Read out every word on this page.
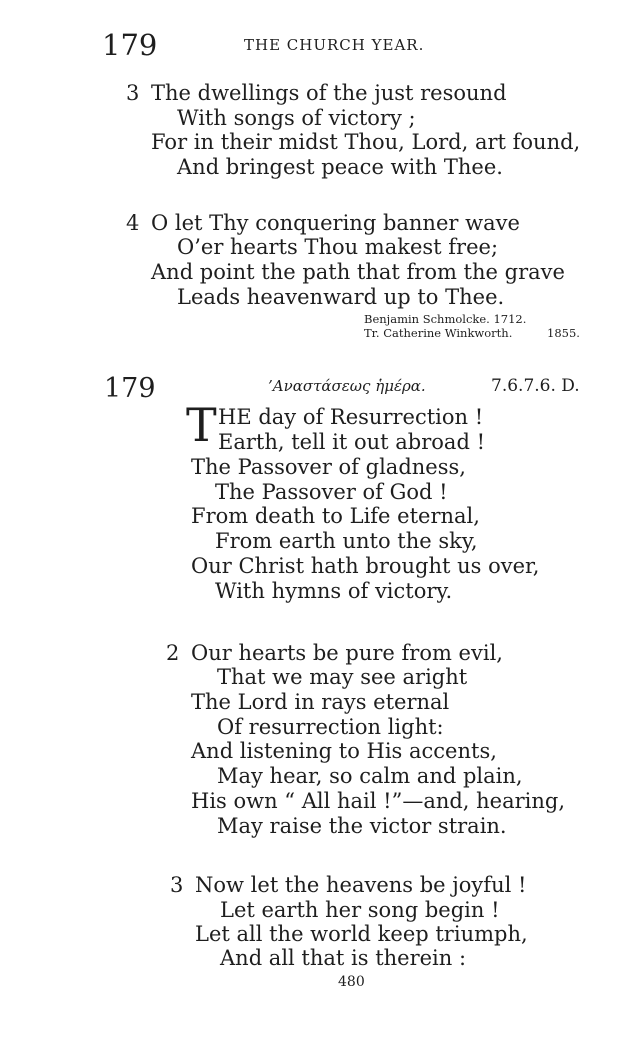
179	THE CHURCH YEAR.
3 The dwellings of the just resound
With songs of victory ;
For in their midst Thou, Lord, art found,
And bringest peace with Thee.
4 O let Thy conquering banner wave
O’er hearts Thou makest free;
And point the path that from the grave
Leads heavenward up to Thee.
Benjamin Schmolcke. 1712.
Tr. Catherine Winkworth.	1855.
179	’Αναστάσεως ἡμέρα.	7.6.7.6. D.
T HE day of Resurrection !
Earth, tell it out abroad !
The Passover of gladness,
The Passover of God !
From death to Life eternal,
From earth unto the sky,
Our Christ hath brought us over,
With hymns of victory.
2 Our hearts be pure from evil,
That we may see aright
The Lord in rays eternal
Of resurrection light:
And listening to His accents,
May hear, so calm and plain,
His own “ All hail !”—and, hearing,
May raise the victor strain.
3 Now let the heavens be joyful !
Let earth her song begin !
Let all the world keep triumph,
And all that is therein :
480
